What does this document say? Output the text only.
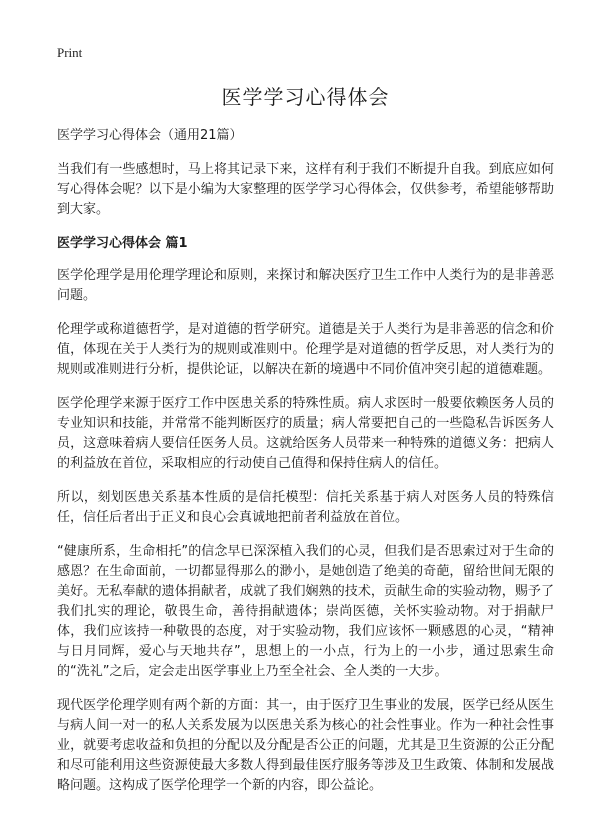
Print
医学学习心得体会
医学学习心得体会（通用21篇）

当我们有一些感想时，马上将其记录下来，这样有利于我们不断提升自我。到底应如何写心得体会呢？以下是小编为大家整理的医学学习心得体会，仅供参考，希望能够帮助到大家。

医学学习心得体会 篇1

医学伦理学是用伦理学理论和原则，来探讨和解决医疗卫生工作中人类行为的是非善恶问题。

伦理学或称道德哲学，是对道德的哲学研究。道德是关于人类行为是非善恶的信念和价值，体现在关于人类行为的规则或准则中。伦理学是对道德的哲学反思，对人类行为的规则或准则进行分析，提供论证，以解决在新的境遇中不同价值冲突引起的道德难题。

医学伦理学来源于医疗工作中医患关系的特殊性质。病人求医时一般要依赖医务人员的专业知识和技能，并常常不能判断医疗的质量；病人常要把自己的一些隐私告诉医务人员，这意味着病人要信任医务人员。这就给医务人员带来一种特殊的道德义务：把病人的利益放在首位，采取相应的行动使自己值得和保持住病人的信任。

所以，刻划医患关系基本性质的是信托模型：信托关系基于病人对医务人员的特殊信任，信任后者出于正义和良心会真诚地把前者利益放在首位。

“健康所系，生命相托”的信念早已深深植入我们的心灵，但我们是否思索过对于生命的感恩？在生命面前，一切都显得那么的渺小，是她创造了绝美的奇葩，留给世间无限的美好。无私奉献的遗体捐献者，成就了我们娴熟的技术，贡献生命的实验动物，赐予了我们扎实的理论，敬畏生命，善待捐献遗体；崇尚医德，关怀实验动物。对于捐献尸体，我们应该持一种敬畏的态度，对于实验动物，我们应该怀一颗感恩的心灵，“精神与日月同辉，爱心与天地共存”，思想上的一小点，行为上的一小步，通过思索生命的“洗礼”之后，定会走出医学事业上乃至全社会、全人类的一大步。

现代医学伦理学则有两个新的方面：其一，由于医疗卫生事业的发展，医学已经从医生与病人间一对一的私人关系发展为以医患关系为核心的社会性事业。作为一种社会性事业，就要考虑收益和负担的分配以及分配是否公正的问题，尤其是卫生资源的公正分配和尽可能利用这些资源使最大多数人得到最佳医疗服务等涉及卫生政策、体制和发展战略问题。这构成了医学伦理学一个新的内容，即公益论。
